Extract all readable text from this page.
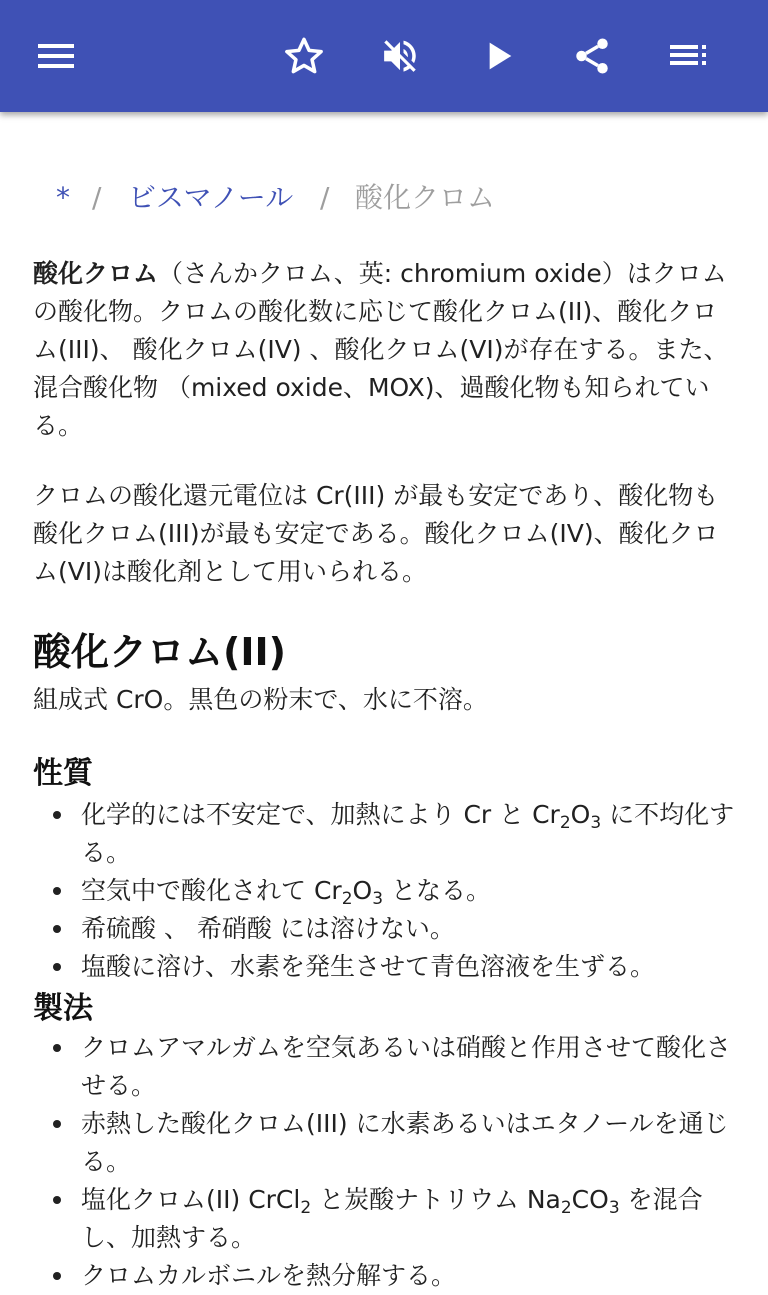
* / ビスマノール / 酸化クロム
酸化クロム（さんかクロム、英: chromium oxide）はクロムの酸化物。クロムの酸化数に応じて酸化クロム(II)、酸化クロム(III)、 酸化クロム(IV) 、酸化クロム(VI)が存在する。また、 混合酸化物 （mixed oxide、MOX)、過酸化物も知られている。
クロムの酸化還元電位は Cr(III) が最も安定であり、酸化物も酸化クロム(III)が最も安定である。酸化クロム(IV)、酸化クロム(VI)は酸化剤として用いられる。
酸化クロム(II)
組成式 CrO。黒色の粉末で、水に不溶。
性質
化学的には不安定で、加熱により Cr と $Cr_2O_3$ に不均化する。
空気中で酸化されて $Cr_2O_3$ となる。
希硫酸 、 希硝酸 には溶けない。
塩酸に溶け、水素を発生させて青色溶液を生ずる。
製法
クロムアマルガムを空気あるいは硝酸と作用させて酸化させる。
赤熱した酸化クロム(III) に水素あるいはエタノールを通じる。
塩化クロム(II) CrCl$_2$ と炭酸ナトリウム $Na_2CO_3$ を混合し、加熱する。
クロムカルボニルを熱分解する。
